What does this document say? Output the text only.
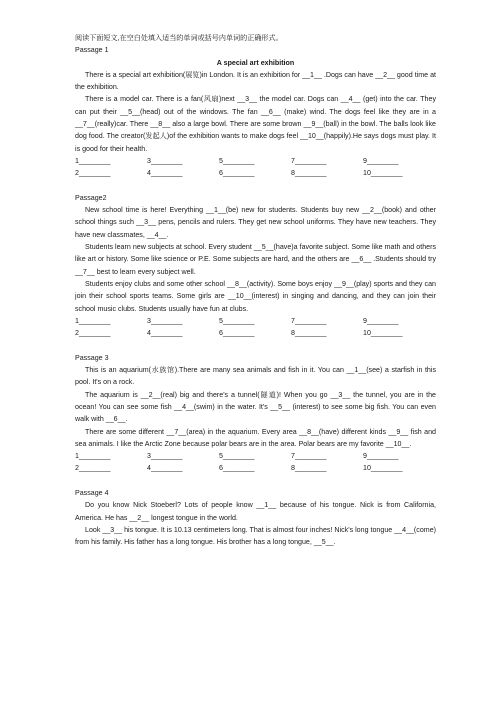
阅读下面短文,在空白处填入适当的单词或括号内单词的正确形式。

Passage 1

A special art exhibition

There is a special art exhibition(展览)in London. It is an exhibition for __1__ .Dogs can have __2__ good time at the exhibition.

There is a model car. There is a fan(风扇)next __3__ the model car. Dogs can __4__ (get) into the car. They can put their __5__(head) out of the windows. The fan __6__ (make) wind. The dogs feel like they are in a __7__(really)car. There __8__ also a large bowl. There are some brown __9__(ball) in the bowl. The balls look like dog food. The creator(发起人)of the exhibition wants to make dogs feel __10__(happily).He says dogs must play. It is good for their health.

1________	3________	5________	7________	9________
2________	4________	6________	8________	10________

Passage2

New school time is here! Everything __1__(be) new for students. Students buy new __2__(book) and other school things such __3__ pens, pencils and rulers. They get new school uniforms. They have new teachers. They have new classmates, __4__.

Students learn new subjects at school. Every student __5__(have)a favorite subject. Some like math and others like art or history. Some like science or P.E. Some subjects are hard, and the others are __6__ .Students should try __7__ best to learn every subject well.

Students enjoy clubs and some other school __8__(activity). Some boys enjoy __9__(play) sports and they can join their school sports teams. Some girls are __10__(interest) in singing and dancing, and they can join their school music clubs. Students usually have fun at clubs.

1________	3________	5________	7________	9________
2________	4________	6________	8________	10________

Passage 3

This is an aquarium(水族馆).There are many sea animals and fish in it. You can __1__(see) a starfish in this pool. It's on a rock.

The aquarium is __2__(real) big and there's a tunnel(隧道)! When you go __3__ the tunnel, you are in the ocean! You can see some fish __4__(swim) in the water. It's __5__ (interest) to see some big fish. You can even walk with __6__.

There are some different __7__(area) in the aquarium. Every area __8__(have) different kinds __9__ fish and sea animals. I like the Arctic Zone because polar bears are in the area. Polar bears are my favorite __10__.

1________	3________	5________	7________	9________
2________	4________	6________	8________	10________

Passage 4

Do you know Nick Stoeberl? Lots of people know __1__ because of his tongue. Nick is from California, America. He has __2__ longest tongue in the world.

Look __3__ his tongue. It is 10.13 centimeters long. That is almost four inches! Nick's long tongue __4__(come) from his family. His father has a long tongue. His brother has a long tongue, __5__.
